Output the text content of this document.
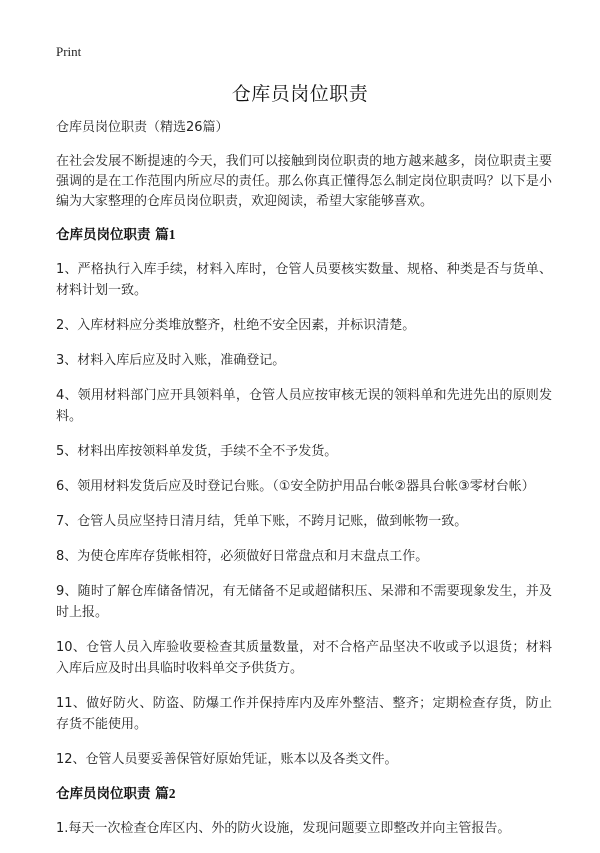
Print
仓库员岗位职责
仓库员岗位职责（精选26篇）
在社会发展不断提速的今天，我们可以接触到岗位职责的地方越来越多，岗位职责主要强调的是在工作范围内所应尽的责任。那么你真正懂得怎么制定岗位职责吗？以下是小编为大家整理的仓库员岗位职责，欢迎阅读，希望大家能够喜欢。
仓库员岗位职责 篇1
1、严格执行入库手续，材料入库时，仓管人员要核实数量、规格、种类是否与货单、材料计划一致。
2、入库材料应分类堆放整齐，杜绝不安全因素，并标识清楚。
3、材料入库后应及时入账，准确登记。
4、领用材料部门应开具领料单，仓管人员应按审核无误的领料单和先进先出的原则发料。
5、材料出库按领料单发货，手续不全不予发货。
6、领用材料发货后应及时登记台账。（①安全防护用品台帐②器具台帐③零材台帐）
7、仓管人员应坚持日清月结，凭单下账，不跨月记账，做到帐物一致。
8、为使仓库库存货帐相符，必须做好日常盘点和月末盘点工作。
9、随时了解仓库储备情况，有无储备不足或超储积压、呆滞和不需要现象发生，并及时上报。
10、仓管人员入库验收要检查其质量数量，对不合格产品坚决不收或予以退货；材料入库后应及时出具临时收料单交予供货方。
11、做好防火、防盗、防爆工作并保持库内及库外整洁、整齐；定期检查存货，防止存货不能使用。
12、仓管人员要妥善保管好原始凭证，账本以及各类文件。
仓库员岗位职责 篇2
1.每天一次检查仓库区内、外的防火设施，发现问题要立即整改并向主管报告。
